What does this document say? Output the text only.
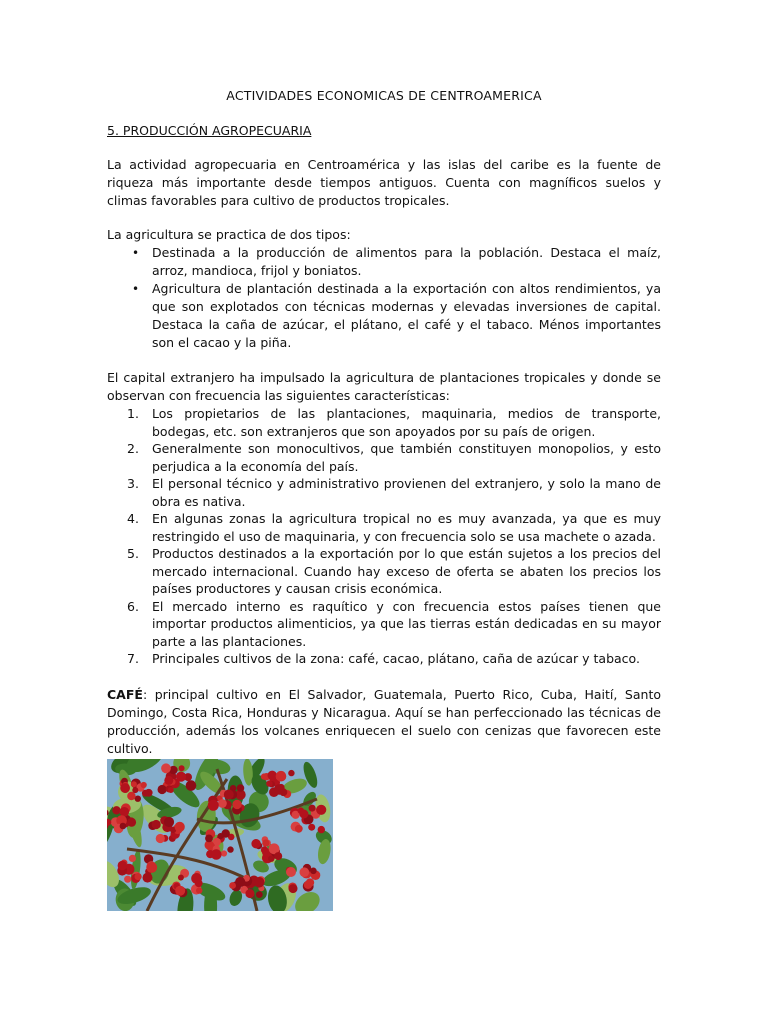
ACTIVIDADES ECONOMICAS DE CENTROAMERICA
5. PRODUCCIÓN AGROPECUARIA

La actividad agropecuaria en Centroamérica y las islas del caribe es la fuente de riqueza más importante desde tiempos antiguos. Cuenta con magníficos suelos y climas favorables para cultivo de productos tropicales.

La agricultura se practica de dos tipos:

• Destinada a la producción de alimentos para la población. Destaca el maíz, arroz, mandioca, frijol y boniatos.
• Agricultura de plantación destinada a la exportación con altos rendimientos, ya que son explotados con técnicas modernas y elevadas inversiones de capital. Destaca la caña de azúcar, el plátano, el café y el tabaco. Ménos importantes son el cacao y la piña.

El capital extranjero ha impulsado la agricultura de plantaciones tropicales y donde se observan con frecuencia las siguientes características:

1. Los propietarios de las plantaciones, maquinaria, medios de transporte, bodegas, etc. son extranjeros que son apoyados por su país de origen.
2. Generalmente son monocultivos, que también constituyen monopolios, y esto perjudica a la economía del país.
3. El personal técnico y administrativo provienen del extranjero, y solo la mano de obra es nativa.
4. En algunas zonas la agricultura tropical no es muy avanzada, ya que es muy restringido el uso de maquinaria, y con frecuencia solo se usa machete o azada.
5. Productos destinados a la exportación por lo que están sujetos a los precios del mercado internacional. Cuando hay exceso de oferta se abaten los precios los países productores y causan crisis económica.
6. El mercado interno es raquítico y con frecuencia estos países tienen que importar productos alimenticios, ya que las tierras están dedicadas en su mayor parte a las plantaciones.
7. Principales cultivos de la zona: café, cacao, plátano, caña de azúcar y tabaco.

CAFÉ: principal cultivo en El Salvador, Guatemala, Puerto Rico, Cuba, Haití, Santo Domingo, Costa Rica, Honduras y Nicaragua. Aquí se han perfeccionado las técnicas de producción, además los volcanes enriquecen el suelo con cenizas que favorecen este cultivo.
